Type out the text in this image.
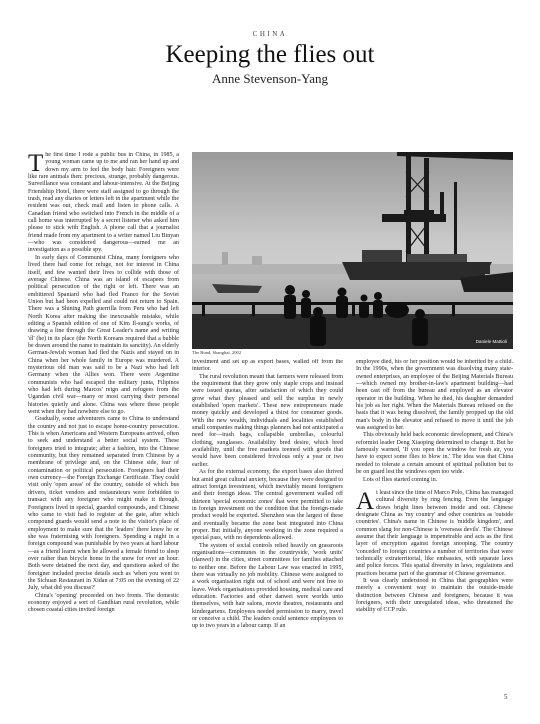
CHINA
Keeping the flies out
Anne Stevenson-Yang

The first time I rode a public bus in China, in 1985, a young woman came up to me and ran her hand up and down my arm to feel the body hair. Foreigners were like rare animals then: precious, strange, probably dangerous. Surveillance was constant and labour-intensive. At the Beijing Friendship Hotel, there were staff assigned to go through the trash, read any diaries or letters left in the apartment while the resident was out, check mail and listen to phone calls. A Canadian friend who switched into French in the middle of a call home was interrupted by a secret listener who asked him please to stick with English. A phone call that a journalist friend made from my apartment to a writer named Liu Binyan—who was considered dangerous—earned me an investigation as a possible spy.

In early days of Communist China, many foreigners who lived there had come for refuge, not for interest in China itself, and few wanted their lives to collide with those of average Chinese. China was an island of escapees from political persecution of the right or left. There was an embittered Spaniard who had fled Franco for the Soviet Union but had been expelled and could not return to Spain. There was a Shining Path guerrilla from Peru who had left North Korea after making the inexcusable mistake, while editing a Spanish edition of one of Kim Il-sung's works, of drawing a line through the Great Leader's name and writing 'él' (he) in its place (the North Koreans required that a bubble be drawn around the name to maintain its sanctity). An elderly German-Jewish woman had fled the Nazis and stayed on in China when her whole family in Europe was murdered. A mysterious old man was said to be a Nazi who had left Germany when the Allies won. There were Argentine communists who had escaped the military junta, Filipinos who had left during Marcos' reign and refugees from the Ugandan civil war—many or most carrying their personal histories quietly and alone. China was where these people went when they had nowhere else to go.

Gradually, some adventurers came to China to understand the country and not just to escape home-country persecution. This is when Americans and Western Europeans arrived, often to seek and understand a better social system. These foreigners tried to integrate; after a fashion, into the Chinese community, but they remained separated from Chinese by a membrane of privilege and, on the Chinese side, fear of contamination or political persecution. Foreigners had their own currency—the Foreign Exchange Certificate. They could visit only 'open areas' of the country, outside of which bus drivers, ticket vendors and restaurateurs were forbidden to transact with any foreigner who might make it through. Foreigners lived in special, guarded compounds, and Chinese who came to visit had to register at the gate, after which compound guards would send a note to the visitor's place of employment to make sure that the 'leaders' there knew he or she was fraternising with foreigners. Spending a night in a foreign compound was punishable by two years at hard labour—as a friend learnt when he allowed a female friend to sleep over rather than bicycle home in the snow for over an hour. Both were detained the next day, and questions asked of the foreigner included precise details such as 'when you went to the Sichuan Restaurant in Xidan at 7:05 on the evening of 22 July, what did you discuss?'

China's 'opening' proceeded on two fronts. The domestic economy enjoyed a sort of Gandhian rural revolution, while chosen coastal cities invited foreign

Daniele Mattioli
The Bund, Shanghai, 2002

investment and set up as export bases, walled off from the interior.

The rural revolution meant that farmers were released from the requirement that they grow only staple crops and instead were issued quotas, after satisfaction of which they could grow what they pleased and sell the surplus in newly established 'open markets'. These new entrepreneurs made money quickly and developed a thirst for consumer goods. With the new wealth, individuals and localities established small companies making things planners had not anticipated a need for—trash bags, collapsible umbrellas, colourful clothing, sunglasses. Availability bred desire, which bred availability, until the free markets teemed with goods that would have been considered frivolous only a year or two earlier.

As for the external economy, the export bases also thrived but amid great cultural anxiety, because they were designed to attract foreign investment, which inevitably meant foreigners and their foreign ideas. The central government walled off thirteen 'special economic zones' that were permitted to take in foreign investment on the condition that the foreign-made product would be exported. Shenzhen was the largest of these and eventually became the zone best integrated into China proper. But initially, anyone working in the zone required a special pass, with no dependents allowed.

The system of social controls relied heavily on grassroots organisations—communes in the countryside, 'work units' (danwei) in the cities, street committees for families attached to neither one. Before the Labour Law was enacted in 1995, there was virtually no job mobility. Chinese were assigned to a work organisation right out of school and were not free to leave. Work organisations provided housing, medical care and education. Factories and other danwei were worlds unto themselves, with hair salons, movie theatres, restaurants and kindergartens. Employees needed permission to marry, travel or conceive a child. The leaders could sentence employees to up to two years in a labour camp. If an

employee died, his or her position would be inherited by a child. In the 1990s, when the government was dissolving many state-owned enterprises, an employee of the Beijing Materials Bureau—which owned my brother-in-law's apartment building—had been cast off from the bureau and employed as an elevator operator in the building. When he died, his daughter demanded his job as her right. When the Materials Bureau refused on the basis that it was being dissolved, the family propped up the old man's body in the elevator and refused to move it until the job was assigned to her.

This obviously held back economic development, and China's reformist leader Deng Xiaoping determined to change it. But he famously warned, 'If you open the window for fresh air, you have to expect some flies to blow in.' The idea was that China needed to tolerate a certain amount of spiritual pollution but to be on guard lest the windows open too wide.

Lots of flies started coming in.

At least since the time of Marco Polo, China has managed cultural diversity by ring fencing. Even the language draws bright lines between inside and out. Chinese designate China as 'my country' and other countries as 'outside countries'. China's name in Chinese is 'middle kingdom', and common slang for non-Chinese is 'overseas devils'. The Chinese assume that their language is impenetrable and acts as the first layer of encryption against foreign snooping. The country 'conceded' to foreign countries a number of territories that were technically extraterritorial, like embassies, with separate laws and police forces. This spatial diversity in laws, regulations and practices became part of the grammar of Chinese governance.

It was clearly understood in China that geographies were merely a convenient way to maintain the outside-inside distinction between Chinese and foreigners, because it was foreigners, with their unregulated ideas, who threatened the stability of CCP rule.

5
